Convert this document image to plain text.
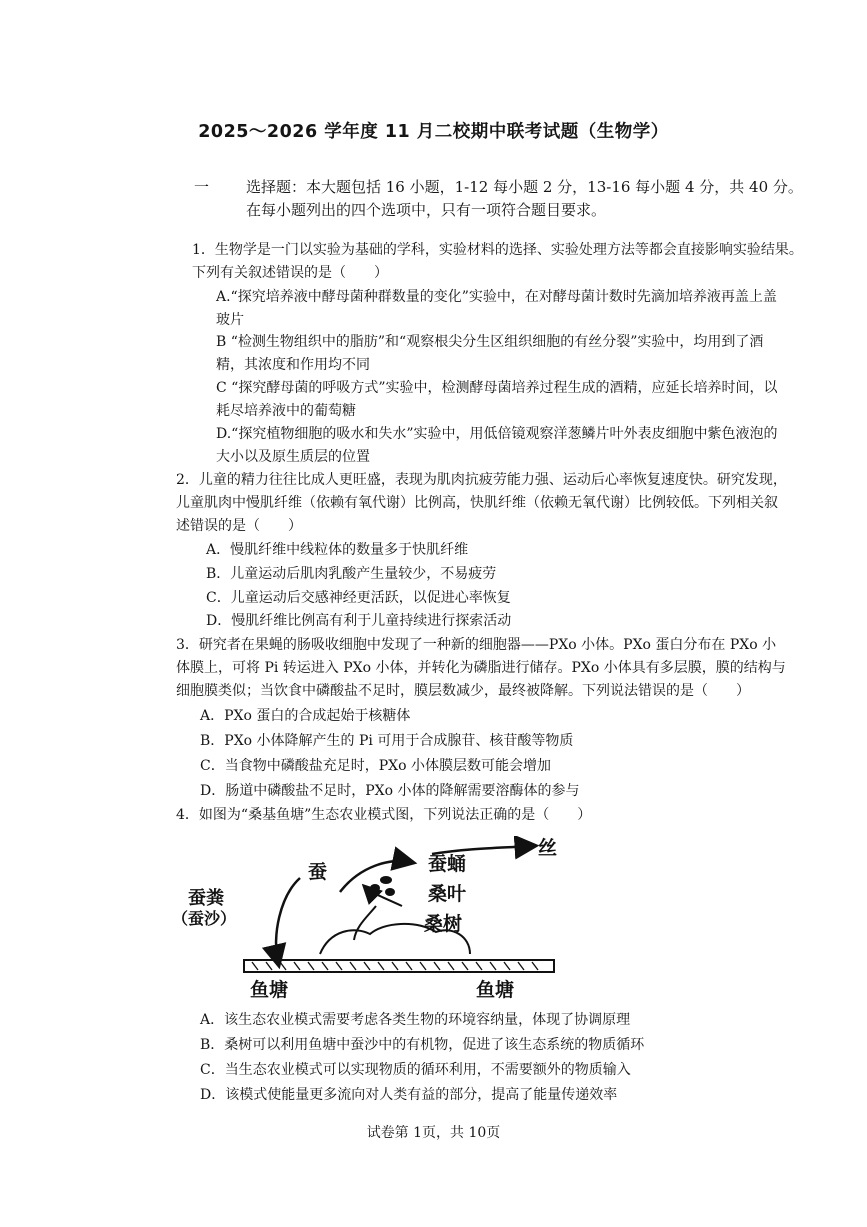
2025～2026 学年度 11 月二校期中联考试题（生物学）
一 选择题：本大题包括 16 小题，1-12 每小题 2 分，13-16 每小题 4 分，共 40 分。
在每小题列出的四个选项中，只有一项符合题目要求。
1．生物学是一门以实验为基础的学科，实验材料的选择、实验处理方法等都会直接影响实验结果。
下列有关叙述错误的是（　　）
A.“探究培养液中酵母菌种群数量的变化”实验中，在对酵母菌计数时先滴加培养液再盖上盖
玻片
B “检测生物组织中的脂肪”和“观察根尖分生区组织细胞的有丝分裂”实验中，均用到了酒
精，其浓度和作用均不同
C “探究酵母菌的呼吸方式”实验中，检测酵母菌培养过程生成的酒精，应延长培养时间，以
耗尽培养液中的葡萄糖
D.“探究植物细胞的吸水和失水”实验中，用低倍镜观察洋葱鳞片叶外表皮细胞中紫色液泡的
大小以及原生质层的位置
2．儿童的精力往往比成人更旺盛，表现为肌肉抗疲劳能力强、运动后心率恢复速度快。研究发现，
儿童肌肉中慢肌纤维（依赖有氧代谢）比例高，快肌纤维（依赖无氧代谢）比例较低。下列相关叙
述错误的是（　　）
A．慢肌纤维中线粒体的数量多于快肌纤维
B．儿童运动后肌肉乳酸产生量较少，不易疲劳
C．儿童运动后交感神经更活跃，以促进心率恢复
D．慢肌纤维比例高有利于儿童持续进行探索活动
3．研究者在果蝇的肠吸收细胞中发现了一种新的细胞器——PXo 小体。PXo 蛋白分布在 PXo 小
体膜上，可将 Pi 转运进入 PXo 小体，并转化为磷脂进行储存。PXo 小体具有多层膜，膜的结构与
细胞膜类似；当饮食中磷酸盐不足时，膜层数减少，最终被降解。下列说法错误的是（　　）
A．PXo 蛋白的合成起始于核糖体
B．PXo 小体降解产生的 Pi 可用于合成腺苷、核苷酸等物质
C．当食物中磷酸盐充足时，PXo 小体膜层数可能会增加
D．肠道中磷酸盐不足时，PXo 小体的降解需要溶酶体的参与
4．如图为“桑基鱼塘”生态农业模式图，下列说法正确的是（　　）
丝
蚕	蚕蛹
桑叶
桑树
蚕粪
（蚕沙）
鱼塘	鱼塘
A．该生态农业模式需要考虑各类生物的环境容纳量，体现了协调原理
B．桑树可以利用鱼塘中蚕沙中的有机物，促进了该生态系统的物质循环
C．当生态农业模式可以实现物质的循环利用，不需要额外的物质输入
D．该模式使能量更多流向对人类有益的部分，提高了能量传递效率
试卷第 1页，共 10页
